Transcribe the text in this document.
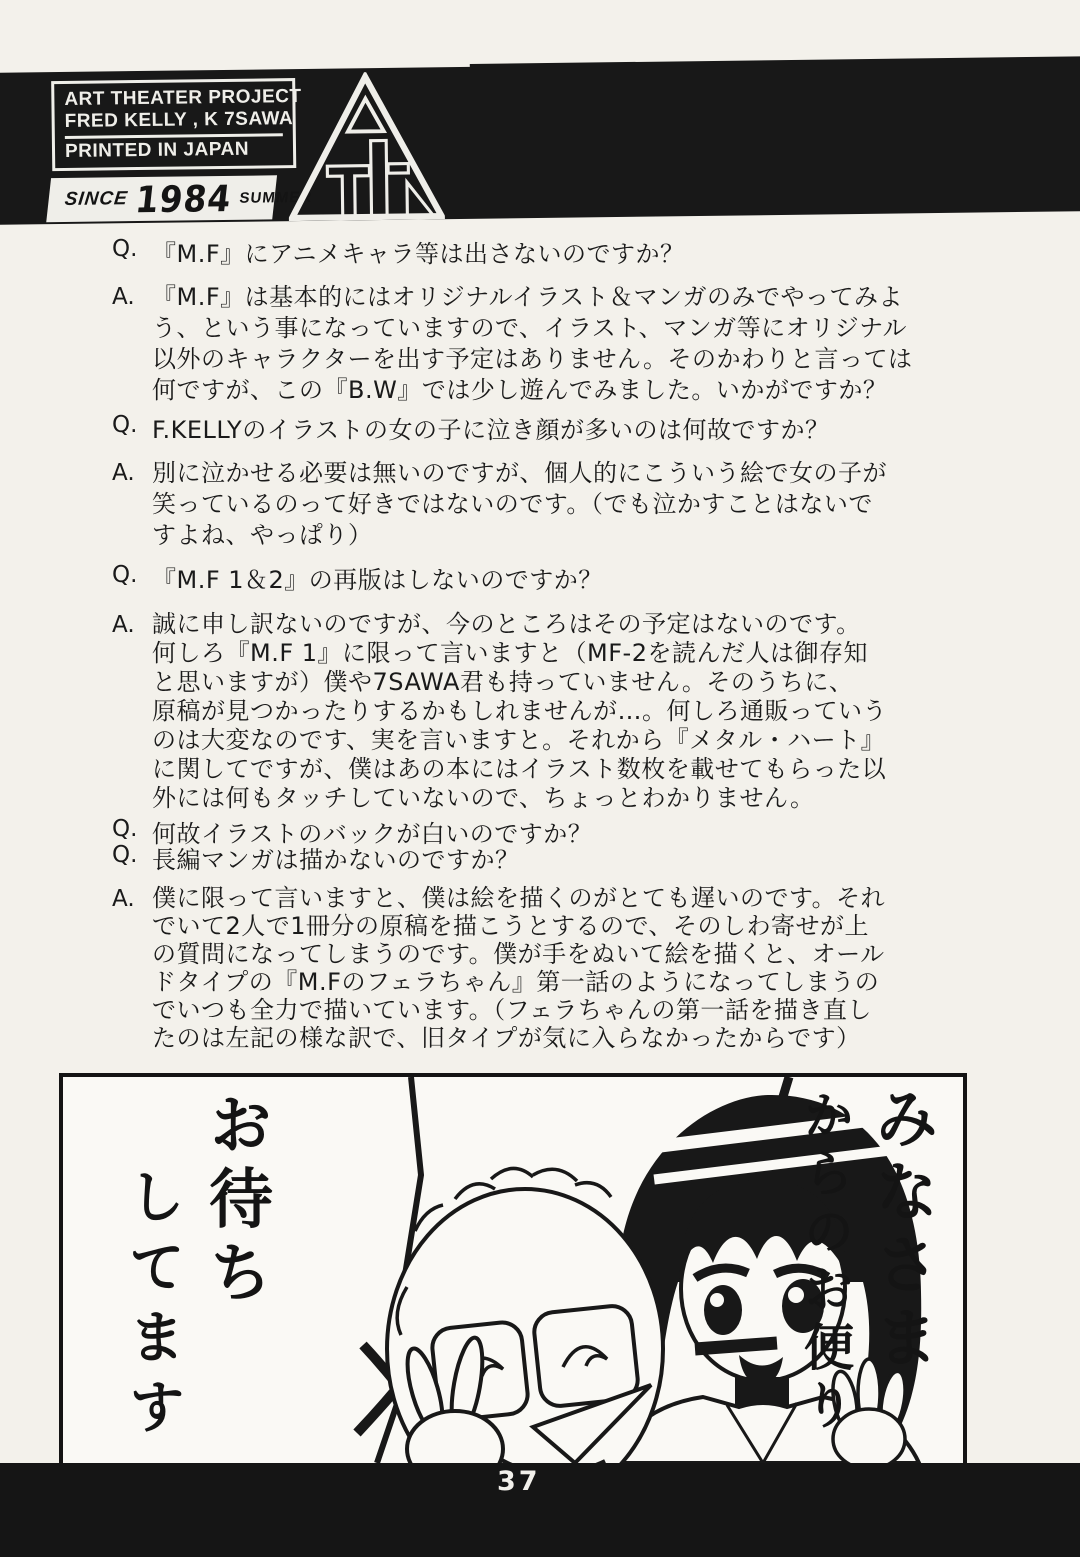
ART THEATER PROJECT
FRED KELLY , K 7SAWA
PRINTED IN JAPAN
SINCE 1984 SUMMER
Q. 『M.F』にアニメキャラ等は出さないのですか？
A. 『M.F』は基本的にはオリジナルイラスト＆マンガのみでやってみよ
う、という事になっていますので、イラスト、マンガ等にオリジナル
以外のキャラクターを出す予定はありません。そのかわりと言っては
何ですが、この『B.W』では少し遊んでみました。いかがですか？
Q. F.KELLYのイラストの女の子に泣き顔が多いのは何故ですか？
A. 別に泣かせる必要は無いのですが、個人的にこういう絵で女の子が
笑っているのって好きではないのです。（でも泣かすことはないで
すよね、やっぱり）
Q. 『M.F 1＆2』の再版はしないのですか？
A. 誠に申し訳ないのですが、今のところはその予定はないのです。
何しろ『M.F 1』に限って言いますと（MF-2を読んだ人は御存知
と思いますが）僕や7SAWA君も持っていません。そのうちに、
原稿が見つかったりするかもしれませんが…。何しろ通販っていう
のは大変なのです、実を言いますと。それから『メタル・ハート』
に関してですが、僕はあの本にはイラスト数枚を載せてもらった以
外には何もタッチしていないので、ちょっとわかりません。
Q. 何故イラストのバックが白いのですか？
Q. 長編マンガは描かないのですか？
A. 僕に限って言いますと、僕は絵を描くのがとても遅いのです。それ
でいて2人で1冊分の原稿を描こうとするので、そのしわ寄せが上
の質問になってしまうのです。僕が手をぬいて絵を描くと、オール
ドタイプの『M.Fのフェラちゃん』第一話のようになってしまうの
でいつも全力で描いています。（フェラちゃんの第一話を描き直し
たのは左記の様な訳で、旧タイプが気に入らなかったからです）
みなさま
からのお便り
お待ち
してます
37
